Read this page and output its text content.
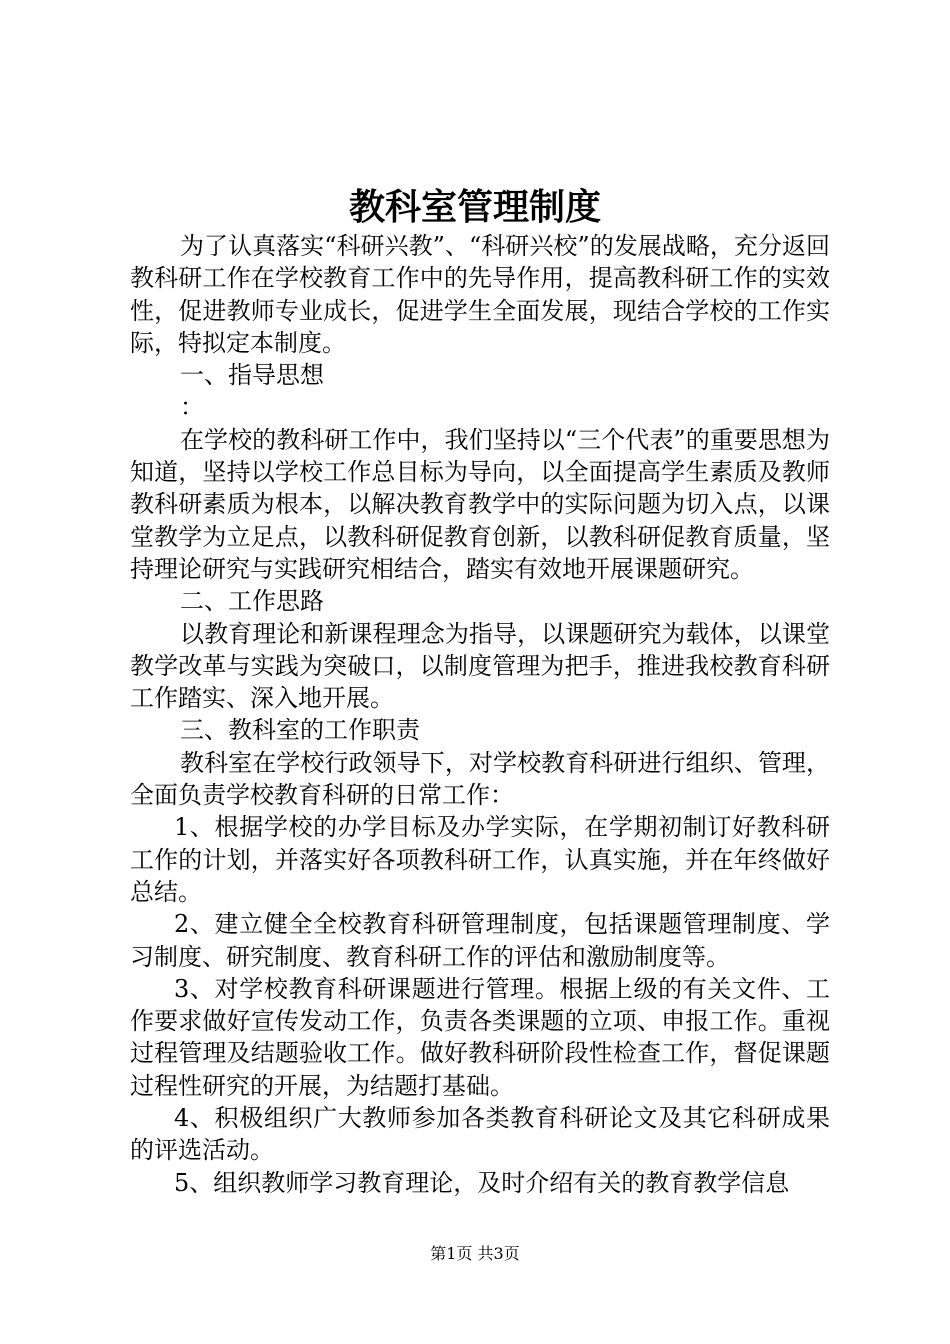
教科室管理制度

为了认真落实“科研兴教”、“科研兴校”的发展战略，充分返回教科研工作在学校教育工作中的先导作用，提高教科研工作的实效性，促进教师专业成长，促进学生全面发展，现结合学校的工作实际，特拟定本制度。

一、指导思想

：

在学校的教科研工作中，我们坚持以“三个代表”的重要思想为知道，坚持以学校工作总目标为导向，以全面提高学生素质及教师教科研素质为根本，以解决教育教学中的实际问题为切入点，以课堂教学为立足点，以教科研促教育创新，以教科研促教育质量，坚持理论研究与实践研究相结合，踏实有效地开展课题研究。

二、工作思路

以教育理论和新课程理念为指导，以课题研究为载体，以课堂教学改革与实践为突破口，以制度管理为把手，推进我校教育科研工作踏实、深入地开展。

三、教科室的工作职责

教科室在学校行政领导下，对学校教育科研进行组织、管理，全面负责学校教育科研的日常工作：

1、根据学校的办学目标及办学实际，在学期初制订好教科研工作的计划，并落实好各项教科研工作，认真实施，并在年终做好总结。

2、建立健全全校教育科研管理制度，包括课题管理制度、学习制度、研究制度、教育科研工作的评估和激励制度等。

3、对学校教育科研课题进行管理。根据上级的有关文件、工作要求做好宣传发动工作，负责各类课题的立项、申报工作。重视过程管理及结题验收工作。做好教科研阶段性检查工作，督促课题过程性研究的开展，为结题打基础。

4、积极组织广大教师参加各类教育科研论文及其它科研成果的评选活动。

5、组织教师学习教育理论，及时介绍有关的教育教学信息

第1页 共3页
